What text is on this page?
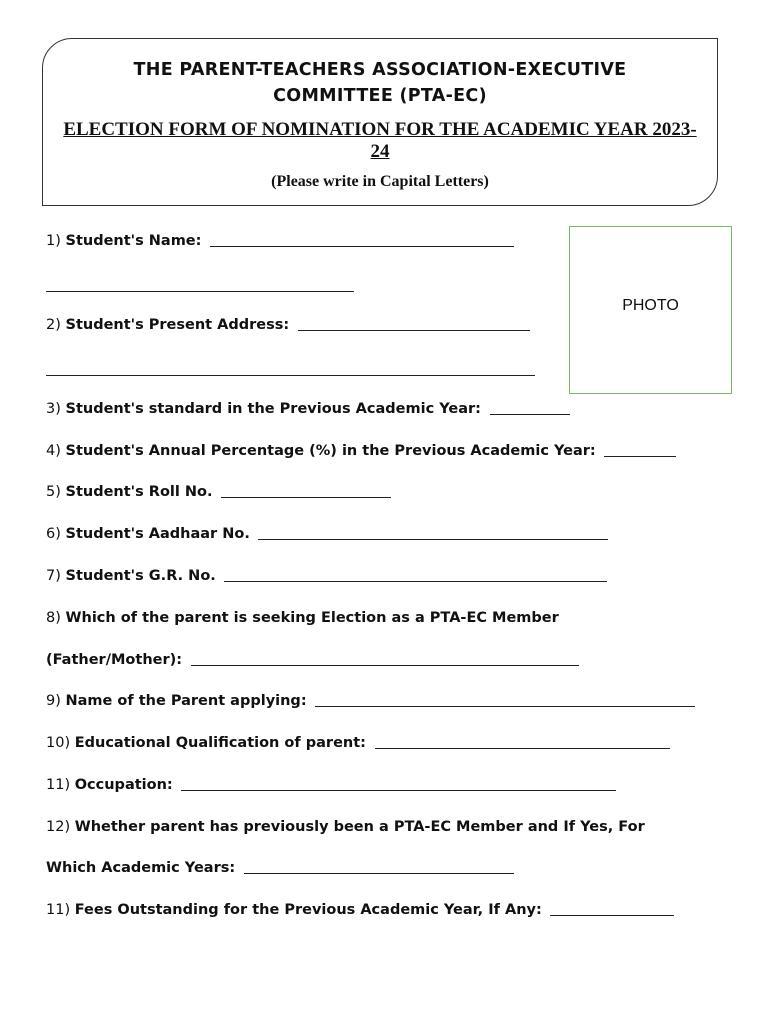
THE PARENT-TEACHERS ASSOCIATION-EXECUTIVE COMMITTEE (PTA-EC)
ELECTION FORM OF NOMINATION FOR THE ACADEMIC YEAR 2023-24
(Please write in Capital Letters)
PHOTO
1) Student's Name:
2) Student's Present Address:
3) Student's standard in the Previous Academic Year:
4) Student's Annual Percentage (%) in the Previous Academic Year:
5) Student's Roll No.
6) Student's Aadhaar No.
7) Student's G.R. No.
8) Which of the parent is seeking Election as a PTA-EC Member
(Father/Mother):
9) Name of the Parent applying:
10) Educational Qualification of parent:
11) Occupation:
12) Whether parent has previously been a PTA-EC Member and If Yes, For
Which Academic Years:
11) Fees Outstanding for the Previous Academic Year, If Any:
